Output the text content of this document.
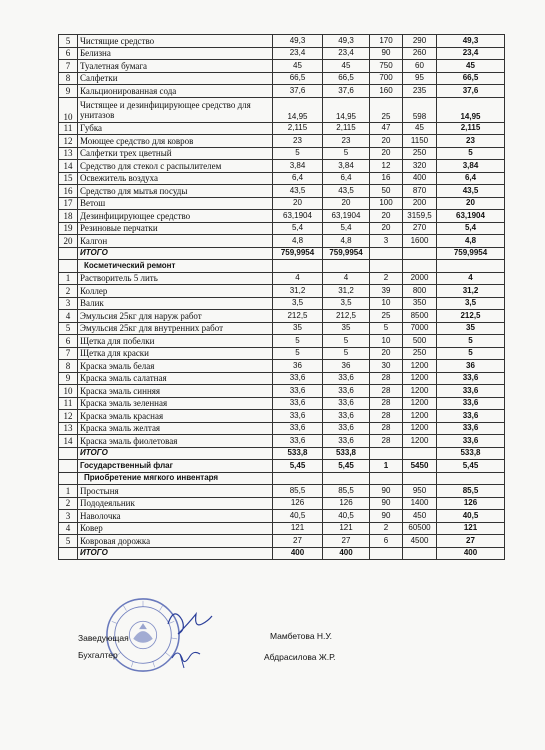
5	Чистящие средство	49,3	49,3	170	290	49,3
6	Белизна	23,4	23,4	90	260	23,4
7	Туалетная бумага	45	45	750	60	45
8	Салфетки	66,5	66,5	700	95	66,5
9	Кальционированная сода	37,6	37,6	160	235	37,6
10	Чистящее и дезинфицирующее средство для унитазов	14,95	14,95	25	598	14,95
11	Губка	2,115	2,115	47	45	2,115
12	Моющее средство для ковров	23	23	20	1150	23
13	Салфетки трех цветный	5	5	20	250	5
14	Средство для стекол с распылителем	3,84	3,84	12	320	3,84
15	Освежитель воздуха	6,4	6,4	16	400	6,4
16	Средство для мытья посуды	43,5	43,5	50	870	43,5
17	Ветош	20	20	100	200	20
18	Дезинфицирующее средство	63,1904	63,1904	20	3159,5	63,1904
19	Резиновые перчатки	5,4	5,4	20	270	5,4
20	Калгон	4,8	4,8	3	1600	4,8
	ИТОГО	759,9954	759,9954			759,9954
	Косметический ремонт					
1	Растворитель 5 лить	4	4	2	2000	4
2	Коллер	31,2	31,2	39	800	31,2
3	Валик	3,5	3,5	10	350	3,5
4	Эмульсия 25кг для наруж работ	212,5	212,5	25	8500	212,5
5	Эмульсия 25кг для внутренних работ	35	35	5	7000	35
6	Щетка для побелки	5	5	10	500	5
7	Щетка для краски	5	5	20	250	5
8	Краска эмаль белая	36	36	30	1200	36
9	Краска эмаль салатная	33,6	33,6	28	1200	33,6
10	Краска эмаль синняя	33,6	33,6	28	1200	33,6
11	Краска эмаль зеленная	33,6	33,6	28	1200	33,6
12	Краска эмаль красная	33,6	33,6	28	1200	33,6
13	Краска эмаль желтая	33,6	33,6	28	1200	33,6
14	Краска эмаль фиолетовая	33,6	33,6	28	1200	33,6
	ИТОГО	533,8	533,8			533,8
	Государственный флаг	5,45	5,45	1	5450	5,45
	Приобретение мягкого инвентаря					
1	Простыня	85,5	85,5	90	950	85,5
2	Пододеяльник	126	126	90	1400	126
3	Наволочка	40,5	40,5	90	450	40,5
4	Ковер	121	121	2	60500	121
5	Ковровая дорожка	27	27	6	4500	27
	ИТОГО	400	400			400
Заведующая	Мамбетова Н.У.
Бухгалтер	Абдрасилова Ж.Р.
